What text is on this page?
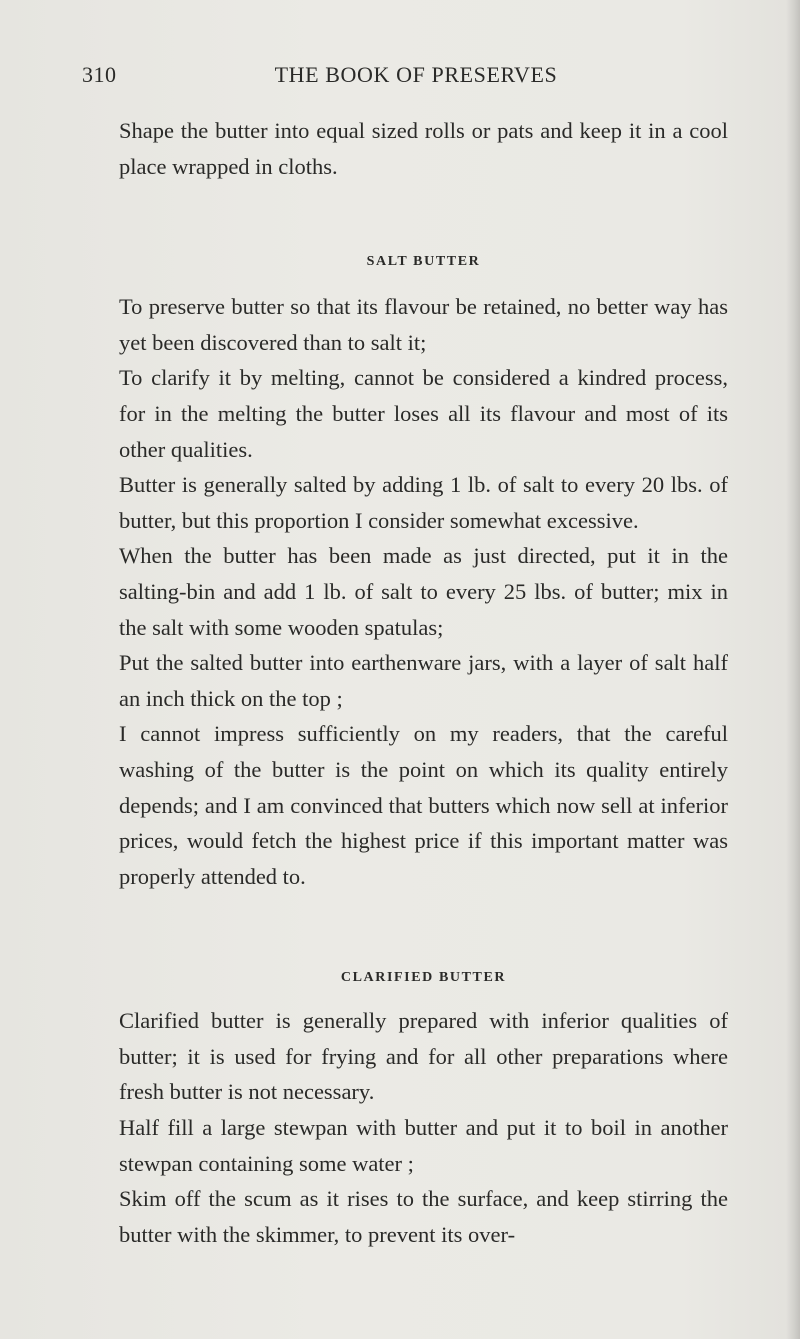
THE BOOK OF PRESERVES
310

Shape the butter into equal sized rolls or pats and keep it in a cool place wrapped in cloths.

SALT BUTTER

To preserve butter so that its flavour be retained, no better way has yet been discovered than to salt it;

To clarify it by melting, cannot be considered a kindred process, for in the melting the butter loses all its flavour and most of its other qualities.

Butter is generally salted by adding 1 lb. of salt to every 20 lbs. of butter, but this proportion I consider somewhat excessive.

When the butter has been made as just directed, put it in the salting-bin and add 1 lb. of salt to every 25 lbs. of butter; mix in the salt with some wooden spatulas;

Put the salted butter into earthenware jars, with a layer of salt half an inch thick on the top ;

I cannot impress sufficiently on my readers, that the careful washing of the butter is the point on which its quality entirely depends; and I am convinced that butters which now sell at inferior prices, would fetch the highest price if this important matter was properly attended to.

CLARIFIED BUTTER

Clarified butter is generally prepared with inferior qualities of butter; it is used for frying and for all other preparations where fresh butter is not necessary.

Half fill a large stewpan with butter and put it to boil in another stewpan containing some water ;

Skim off the scum as it rises to the surface, and keep stirring the butter with the skimmer, to prevent its over-
